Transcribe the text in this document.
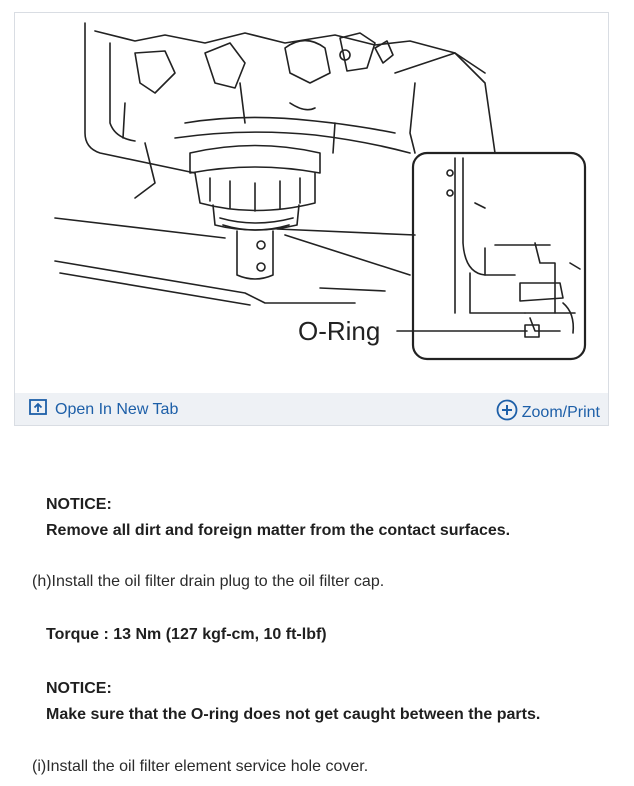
O-Ring
Open In New Tab	Zoom/Print
NOTICE:
Remove all dirt and foreign matter from the contact surfaces.
(h)Install the oil filter drain plug to the oil filter cap.
Torque : 13 Nm (127 kgf-cm, 10 ft-lbf)
NOTICE:
Make sure that the O-ring does not get caught between the parts.
(i)Install the oil filter element service hole cover.
